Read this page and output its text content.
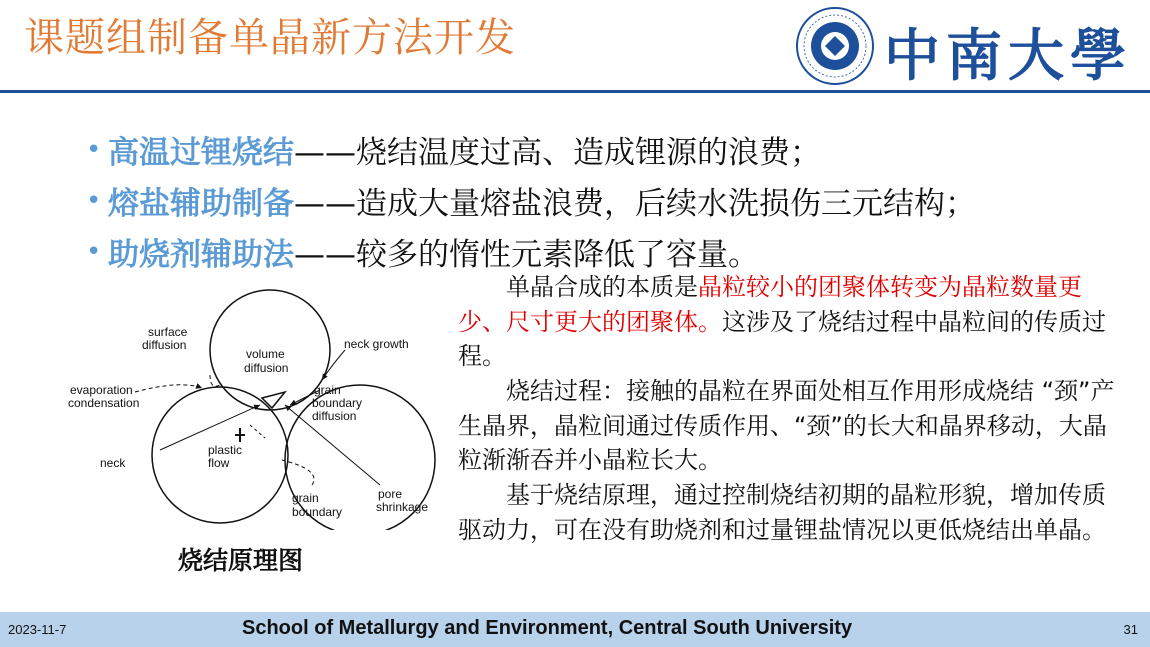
课题组制备单晶新方法开发	中南大學
• 高温过锂烧结 ——烧结温度过高、造成锂源的浪费；
• 熔盐辅助制备 ——造成大量熔盐浪费，后续水洗损伤三元结构；
• 助烧剂辅助法 ——较多的惰性元素降低了容量。
单晶合成的本质是晶粒较小的团聚体转变为晶粒数量更少、尺寸更大的团聚体。这涉及了烧结过程中晶粒间的传质过程。
烧结过程：接触的晶粒在界面处相互作用形成烧结 “颈”产生晶界，晶粒间通过传质作用、“颈”的长大和晶界移动，大晶粒渐渐吞并小晶粒长大。
基于烧结原理，通过控制烧结初期的晶粒形貌，增加传质驱动力，可在没有助烧剂和过量锂盐情况以更低烧结出单晶。
surface
diffusion
volume
diffusion
neck growth
evaporation
condensation
grain
boundary
diffusion
plastic
flow
neck
grain
boundary
pore
shrinkage
烧结原理图
2023-11-7	School of Metallurgy and Environment, Central South University	31
